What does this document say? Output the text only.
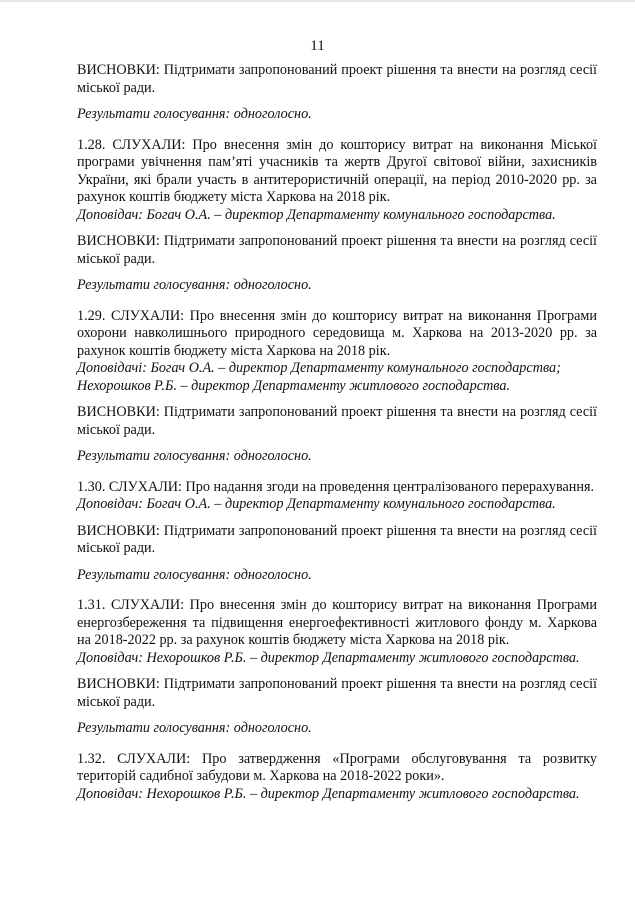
11

ВИСНОВКИ: Підтримати запропонований проект рішення та внести на розгляд сесії міської ради.

Результати голосування: одноголосно.

1.28. СЛУХАЛИ: Про внесення змін до кошторису витрат на виконання Міської програми увічнення пам’яті учасників та жертв Другої світової війни, захисників України, які брали участь в антитерористичній операції, на період 2010-2020 рр. за рахунок коштів бюджету міста Харкова на 2018 рік.

Доповідач: Богач О.А. – директор Департаменту комунального господарства.

ВИСНОВКИ: Підтримати запропонований проект рішення та внести на розгляд сесії міської ради.

Результати голосування: одноголосно.

1.29. СЛУХАЛИ: Про внесення змін до кошторису витрат на виконання Програми охорони навколишнього природного середовища м. Харкова на 2013-2020 рр. за рахунок коштів бюджету міста Харкова на 2018 рік.

Доповідачі: Богач О.А. – директор Департаменту комунального господарства;

Нехорошков Р.Б. – директор Департаменту житлового господарства.

ВИСНОВКИ: Підтримати запропонований проект рішення та внести на розгляд сесії міської ради.

Результати голосування: одноголосно.

1.30. СЛУХАЛИ: Про надання згоди на проведення централізованого перерахування.

Доповідач: Богач О.А. – директор Департаменту комунального господарства.

ВИСНОВКИ: Підтримати запропонований проект рішення та внести на розгляд сесії міської ради.

Результати голосування: одноголосно.

1.31. СЛУХАЛИ: Про внесення змін до кошторису витрат на виконання Програми енергозбереження та підвищення енергоефективності житлового фонду м. Харкова на 2018-2022 рр. за рахунок коштів бюджету міста Харкова на 2018 рік.

Доповідач: Нехорошков Р.Б. – директор Департаменту житлового господарства.

ВИСНОВКИ: Підтримати запропонований проект рішення та внести на розгляд сесії міської ради.

Результати голосування: одноголосно.

1.32. СЛУХАЛИ: Про затвердження «Програми обслуговування та розвитку територій садибної забудови м. Харкова на 2018-2022 роки».

Доповідач: Нехорошков Р.Б. – директор Департаменту житлового господарства.
